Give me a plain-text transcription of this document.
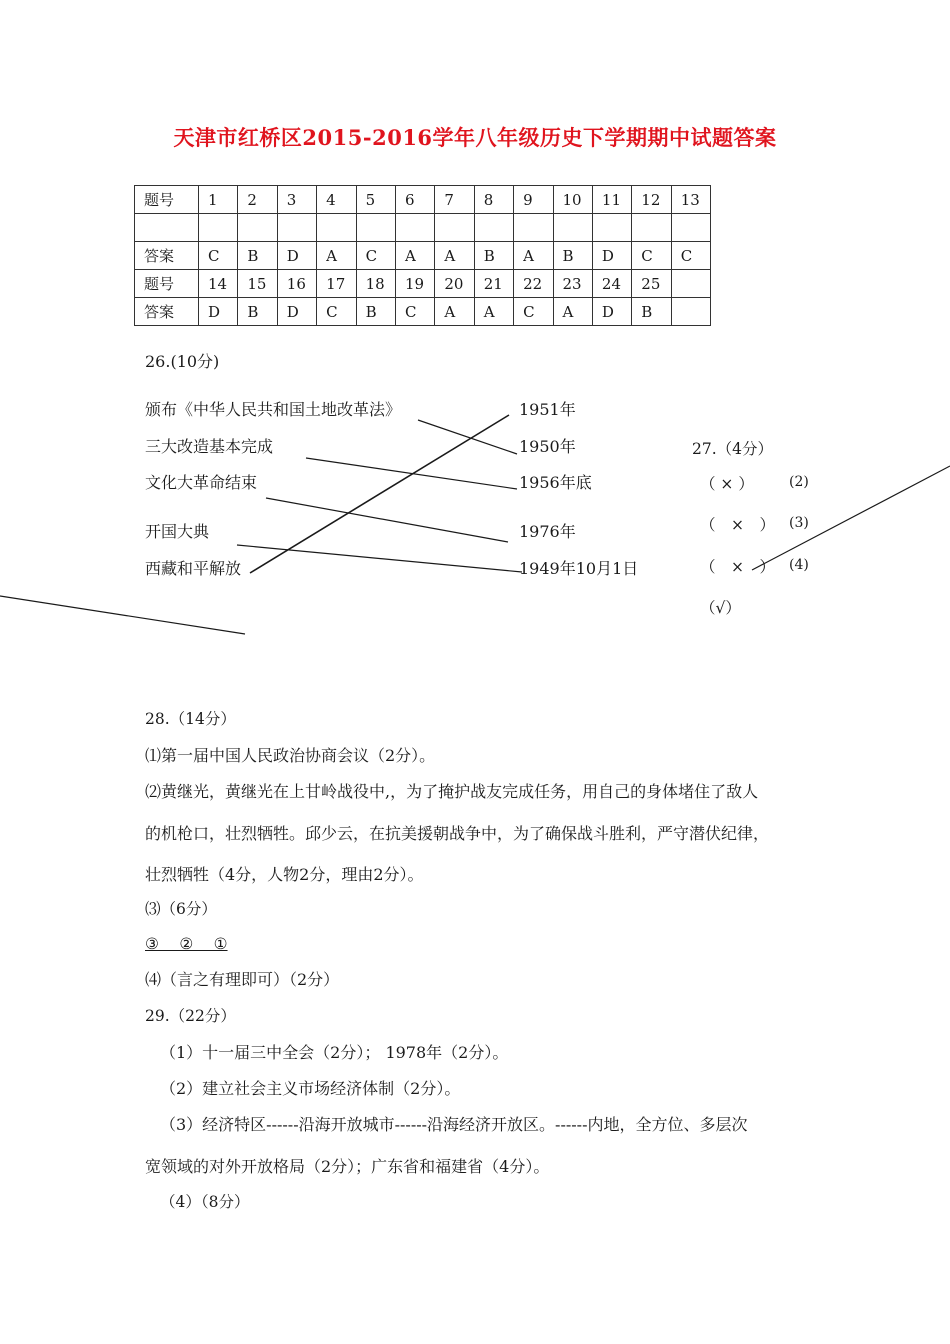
天津市红桥区2015-2016学年八年级历史下学期期中试题答案
题号	1	2	3	4	5	6	7	8	9	10	11	12	13

答案	C	B	D	A	C	A	A	B	A	B	D	C	C
题号	14	15	16	17	18	19	20	21	22	23	24	25	
答案	D	B	D	C	B	C	A	A	C	A	D	B	
26.(10分)
颁布《中华人民共和国土地改革法》
三大改造基本完成
文化大革命结束
开国大典
西藏和平解放
1951年
1950年
1956年底
1976年
1949年10月1日
27.（4分）
（ × ）
（　×　）
（　×　）
（√）
(2)
(3)
(4)
28.（14分）
⑴第一届中国人民政治协商会议（2分）。
⑵黄继光，黄继光在上甘岭战役中,，为了掩护战友完成任务，用自己的身体堵住了敌人
的机枪口，壮烈牺牲。邱少云，在抗美援朝战争中，为了确保战斗胜利，严守潜伏纪律，
壮烈牺牲（4分，人物2分，理由2分）。
⑶（6分）
③　 ②　 ①
⑷（言之有理即可）（2分）
29.（22分）
（1）十一届三中全会（2分）； 1978年（2分）。
（2）建立社会主义市场经济体制（2分）。
（3）经济特区------沿海开放城市------沿海经济开放区。------内地，全方位、多层次
宽领域的对外开放格局（2分）；广东省和福建省（4分）。
（4）（8分）
